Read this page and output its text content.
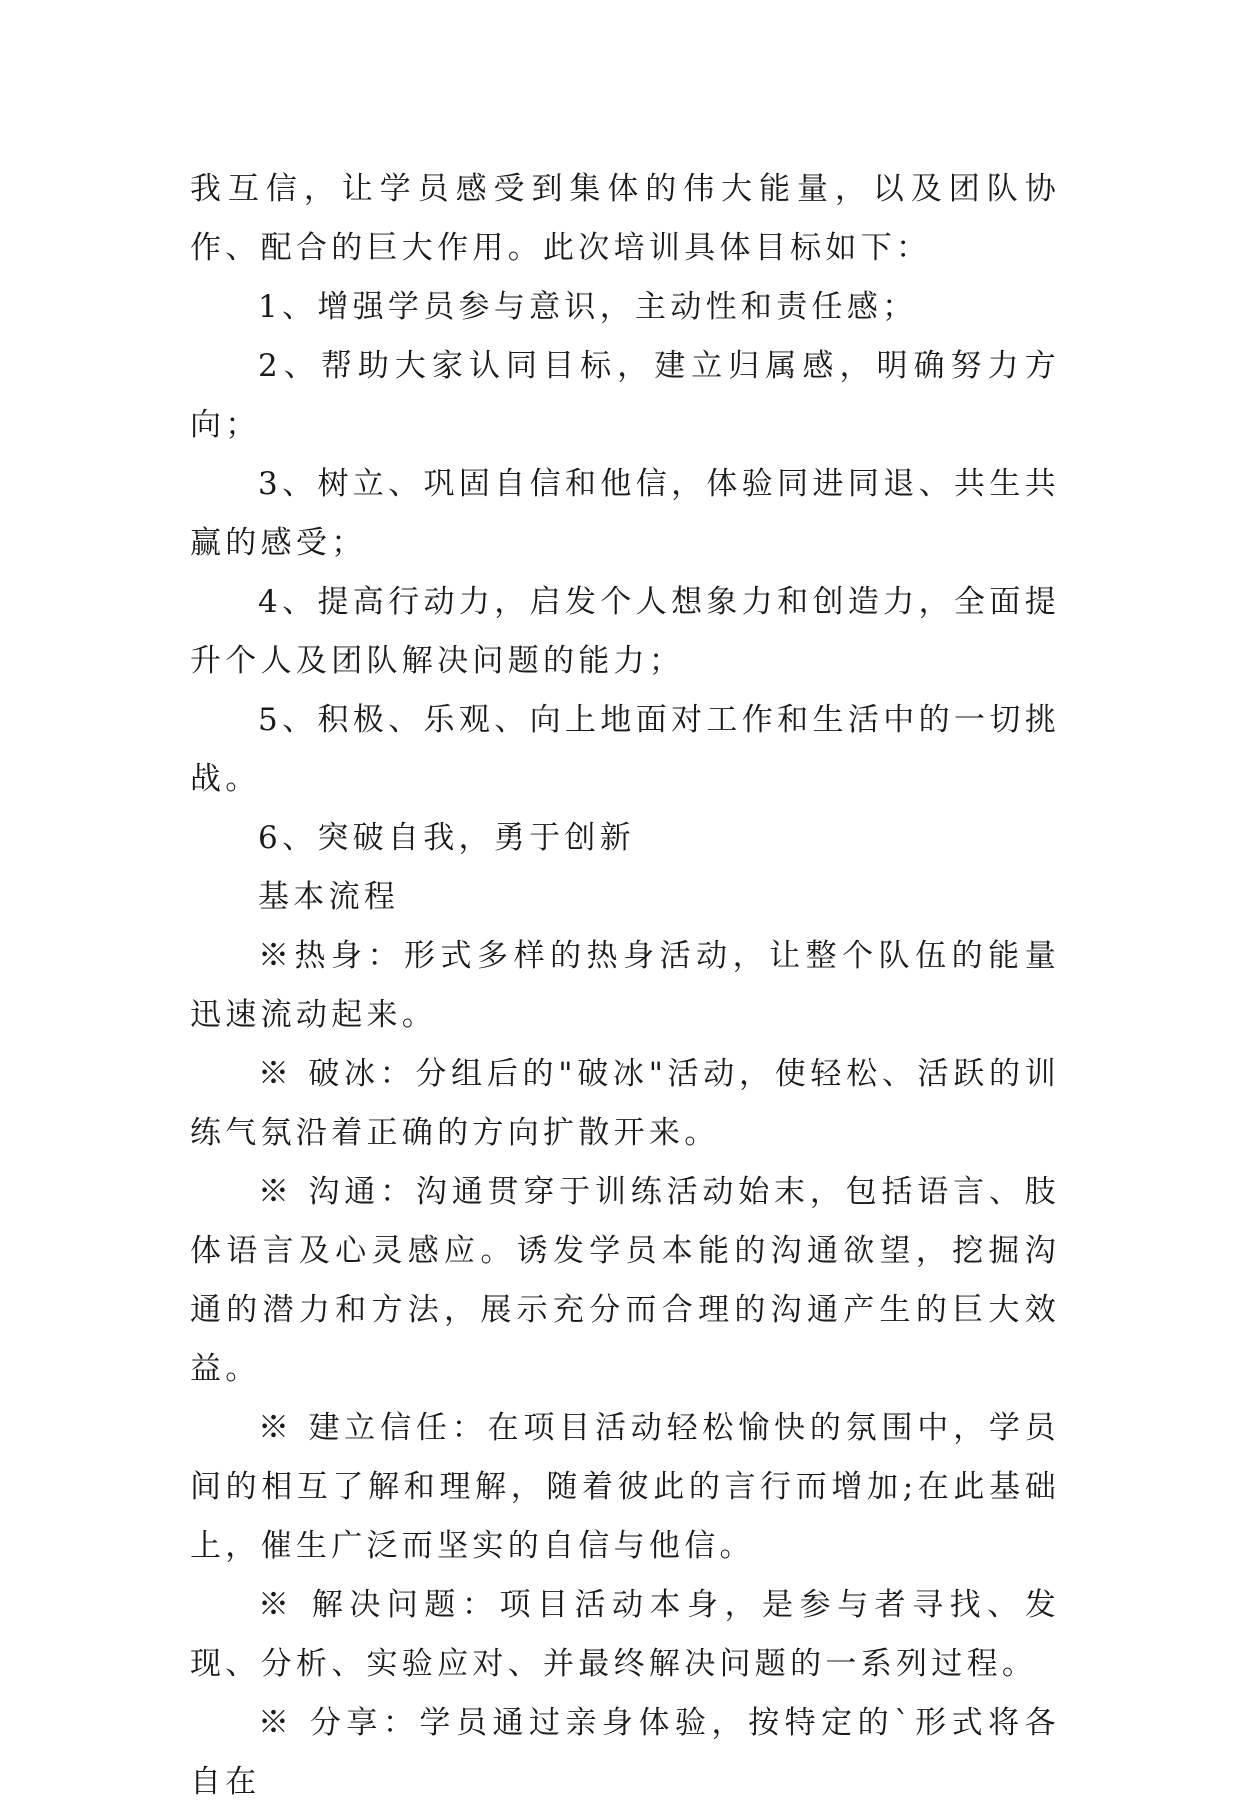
我互信，让学员感受到集体的伟大能量，以及团队协作、配合的巨大作用。此次培训具体目标如下：

1、增强学员参与意识，主动性和责任感；

2、帮助大家认同目标，建立归属感，明确努力方向；

3、树立、巩固自信和他信，体验同进同退、共生共赢的感受；

4、提高行动力，启发个人想象力和创造力，全面提升个人及团队解决问题的能力；

5、积极、乐观、向上地面对工作和生活中的一切挑战。

6、突破自我，勇于创新

基本流程

※热身：形式多样的热身活动，让整个队伍的能量迅速流动起来。

※ 破冰：分组后的"破冰"活动，使轻松、活跃的训练气氛沿着正确的方向扩散开来。

※ 沟通：沟通贯穿于训练活动始末，包括语言、肢体语言及心灵感应。诱发学员本能的沟通欲望，挖掘沟通的潜力和方法，展示充分而合理的沟通产生的巨大效益。

※ 建立信任：在项目活动轻松愉快的氛围中，学员间的相互了解和理解，随着彼此的言行而增加;在此基础上，催生广泛而坚实的自信与他信。

※ 解决问题：项目活动本身，是参与者寻找、发现、分析、实验应对、并最终解决问题的一系列过程。

※ 分享：学员通过亲身体验，按特定的`形式将各自在
